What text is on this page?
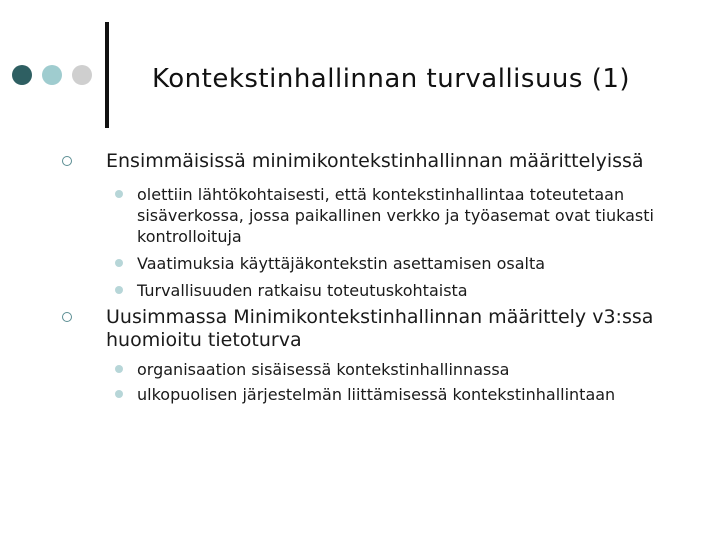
Kontekstinhallinnan turvallisuus (1)
Ensimmäisissä minimikontekstinhallinnan määrittelyissä
olettiin lähtökohtaisesti, että kontekstinhallintaa toteutetaan sisäverkossa, jossa paikallinen verkko ja työasemat ovat tiukasti kontrolloituja
Vaatimuksia käyttäjäkontekstin asettamisen osalta
Turvallisuuden ratkaisu toteutuskohtaista
Uusimmassa Minimikontekstinhallinnan määrittely v3:ssa huomioitu tietoturva
organisaation sisäisessä kontekstinhallinnassa
ulkopuolisen järjestelmän liittämisessä kontekstinhallintaan
